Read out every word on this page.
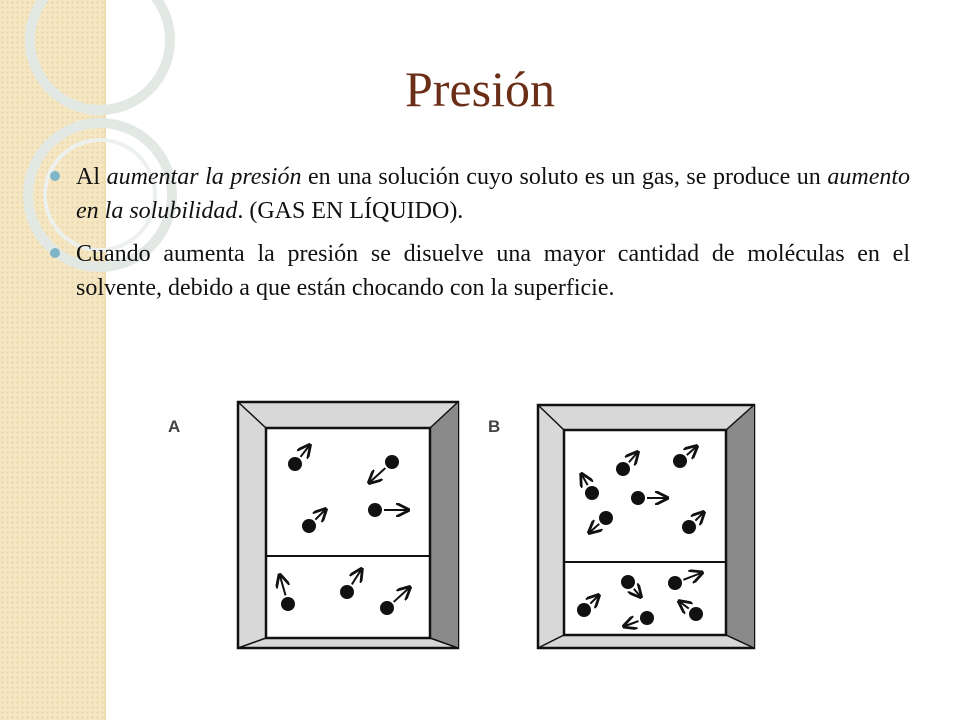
Presión
Al aumentar la presión en una solución cuyo soluto es un gas, se produce un aumento en la solubilidad. (GAS EN LÍQUIDO).
Cuando aumenta la presión se disuelve una mayor cantidad de moléculas en el solvente, debido a que están chocando con la superficie.
A	B
